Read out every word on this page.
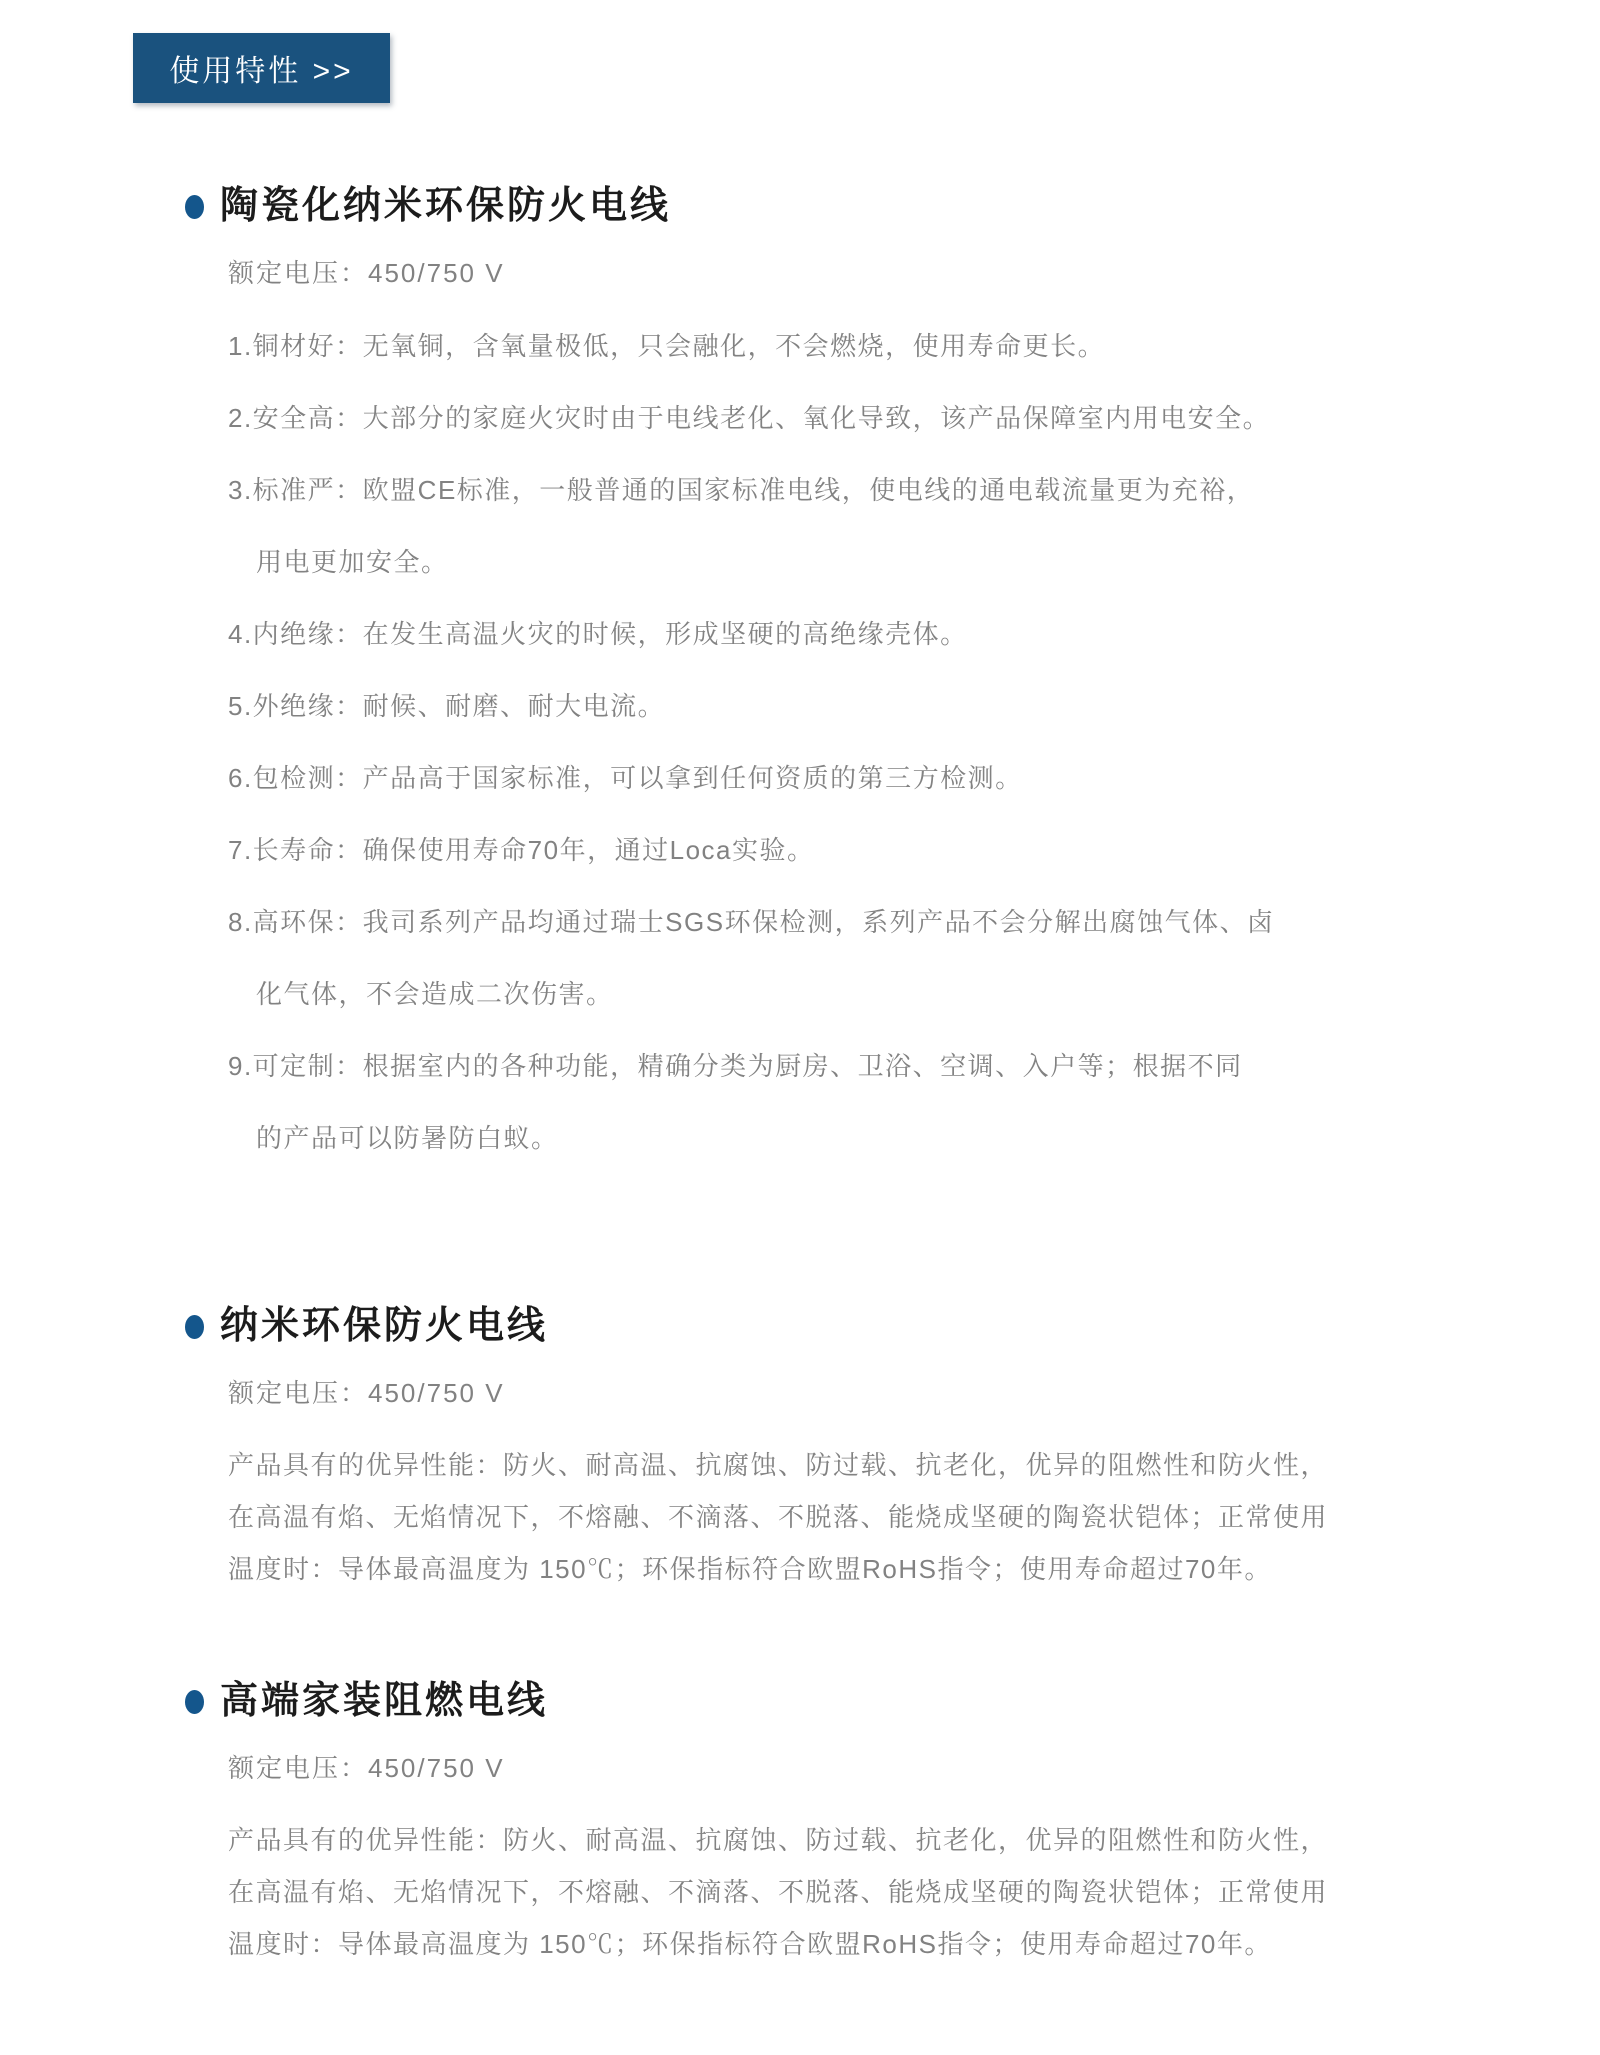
使用特性 >>
陶瓷化纳米环保防火电线
额定电压：450/750 V
1.铜材好：无氧铜，含氧量极低，只会融化，不会燃烧，使用寿命更长。
2.安全高：大部分的家庭火灾时由于电线老化、氧化导致，该产品保障室内用电安全。
3.标准严：欧盟CE标准，一般普通的国家标准电线，使电线的通电载流量更为充裕，
用电更加安全。
4.内绝缘：在发生高温火灾的时候，形成坚硬的高绝缘壳体。
5.外绝缘：耐候、耐磨、耐大电流。
6.包检测：产品高于国家标准，可以拿到任何资质的第三方检测。
7.长寿命：确保使用寿命70年，通过Loca实验。
8.高环保：我司系列产品均通过瑞士SGS环保检测，系列产品不会分解出腐蚀气体、卤
化气体，不会造成二次伤害。
9.可定制：根据室内的各种功能，精确分类为厨房、卫浴、空调、入户等；根据不同
的产品可以防暑防白蚁。
纳米环保防火电线
额定电压：450/750 V
产品具有的优异性能：防火、耐高温、抗腐蚀、防过载、抗老化，优异的阻燃性和防火性，
在高温有焰、无焰情况下，不熔融、不滴落、不脱落、能烧成坚硬的陶瓷状铠体；正常使用
温度时：导体最高温度为 150℃；环保指标符合欧盟RoHS指令；使用寿命超过70年。
高端家装阻燃电线
额定电压：450/750 V
产品具有的优异性能：防火、耐高温、抗腐蚀、防过载、抗老化，优异的阻燃性和防火性，
在高温有焰、无焰情况下，不熔融、不滴落、不脱落、能烧成坚硬的陶瓷状铠体；正常使用
温度时：导体最高温度为 150℃；环保指标符合欧盟RoHS指令；使用寿命超过70年。
